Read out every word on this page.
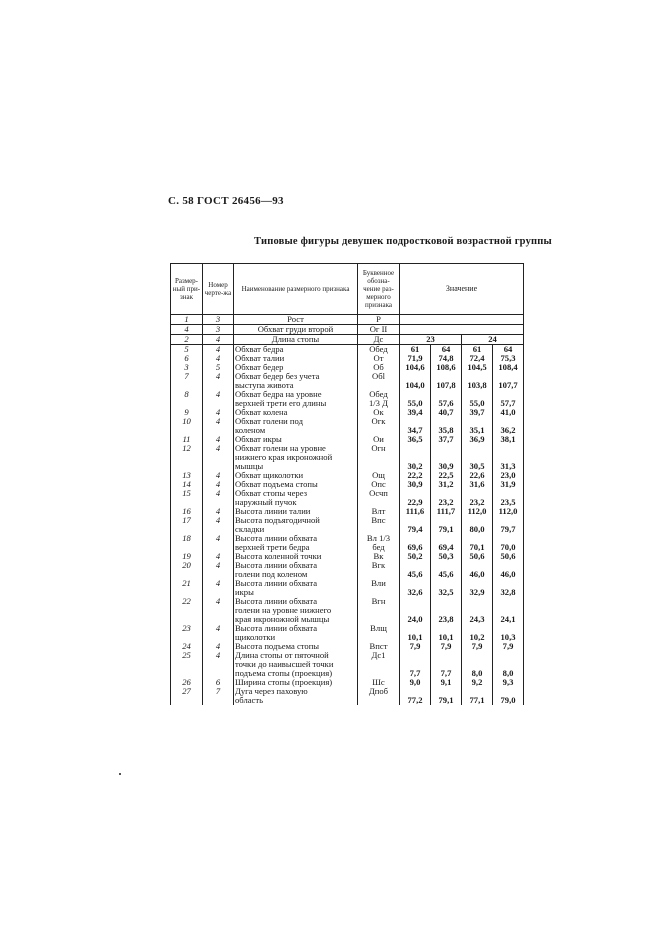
С. 58 ГОСТ 26456—93
Типовые фигуры девушек подростковой возрастной группы
Размер-ный при-знак	Номер черте-жа	Наименование размерного признака	Буквенное обозна-чение раз-мерного признака	Значение			
1	3	Рост	Р				
4	3	Обхват груди второй	Ог II				
2	4	Длина стопы	Дс	23		24	
5	4	Обхват бедра	Обед	61	64	61	64
6	4	Обхват талии	От	71,9	74,8	72,4	75,3
3	5	Обхват бедер	Об	104,6	108,6	104,5	108,4
7	4	Обхват бедер без учета	Обl				
		выступа живота		104,0	107,8	103,8	107,7
8	4	Обхват бедра на уровне	Обед				
		верхней трети его длины	1/3 Д	55,0	57,6	55,0	57,7
9	4	Обхват колена	Ок	39,4	40,7	39,7	41,0
10	4	Обхват голени под	Огк				
		коленом		34,7	35,8	35,1	36,2
11	4	Обхват икры	Ои	36,5	37,7	36,9	38,1
12	4	Обхват голени на уровне	Огн				
		нижнего края икроножной					
		мышцы		30,2	30,9	30,5	31,3
13	4	Обхват щиколотки	Ощ	22,2	22,5	22,6	23,0
14	4	Обхват подъема стопы	Опс	30,9	31,2	31,6	31,9
15	4	Обхват стопы через	Осчп				
		наружный пучок		22,9	23,2	23,2	23,5
16	4	Высота линии талии	Влт	111,6	111,7	112,0	112,0
17	4	Высота подъягодичной	Впс				
		складки		79,4	79,1	80,0	79,7
18	4	Высота линии обхвата	Вл 1/3				
		верхней трети бедра	бед	69,6	69,4	70,1	70,0
19	4	Высота коленной точки	Вк	50,2	50,3	50,6	50,6
20	4	Высота линии обхвата	Вгк				
		голени под коленом		45,6	45,6	46,0	46,0
21	4	Высота линии обхвата	Вли				
		икры		32,6	32,5	32,9	32,8
22	4	Высота линии обхвата	Вгн				
		голени на уровне нижнего					
		края икроножной мышцы		24,0	23,8	24,3	24,1
23	4	Высота линии обхвата	Влщ				
		щиколотки		10,1	10,1	10,2	10,3
24	4	Высота подъема стопы	Впст	7,9	7,9	7,9	7,9
25	4	Длина стопы от пяточной	Дс1				
		точки до наивысшей точки					
		подъема стопы (проекция)		7,7	7,7	8,0	8,0
26	6	Ширина стопы (проекция)	Шс	9,0	9,1	9,2	9,3
27	7	Дуга через паховую	Дпоб				
		область		77,2	79,1	77,1	79,0
